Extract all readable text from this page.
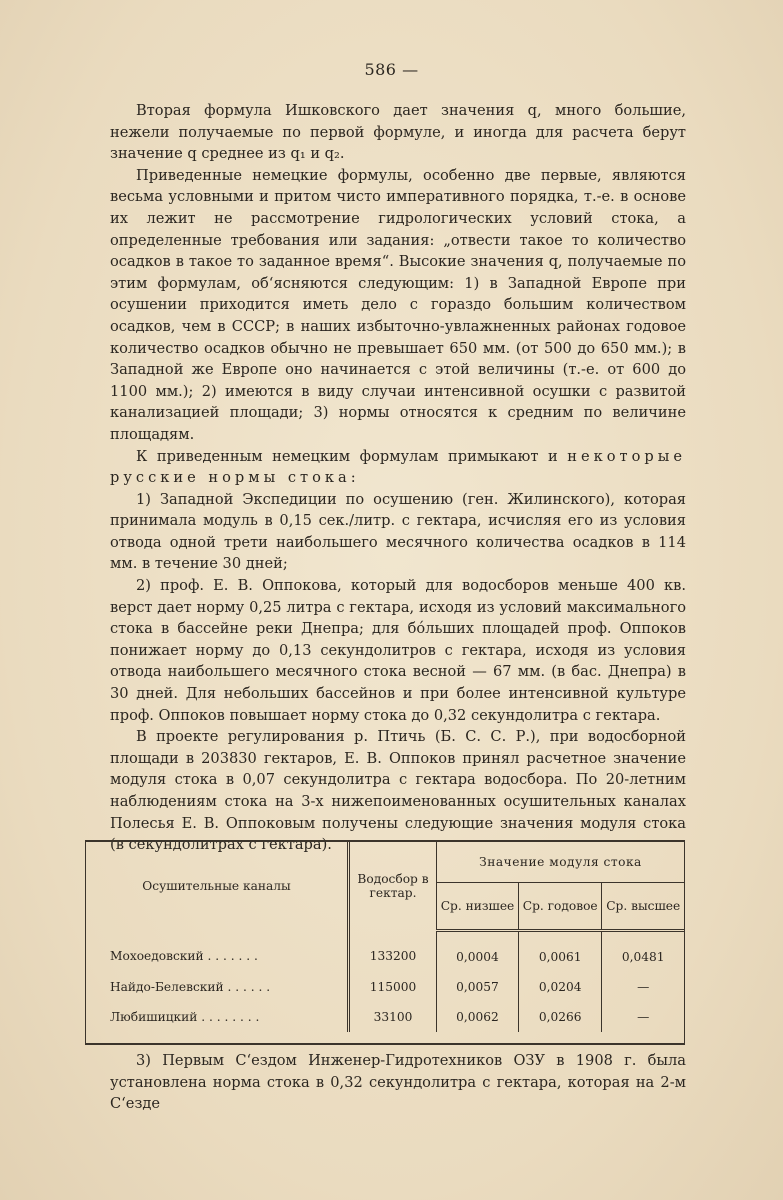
586 —

Вторая формула Ишковского дает значения q, много большие, нежели получаемые по первой формуле, и иногда для расчета берут значение q среднее из q₁ и q₂.

Приведенные немецкие формулы, особенно две первые, являются весьма условными и притом чисто императивного порядка, т.-е. в основе их лежит не рассмотрение гидрологических условий стока, а определенные требования или задания: „отвести такое то количество осадков в такое то заданное время“. Высокие значения q, получаемые по этим формулам, об‘ясняются следующим: 1) в Западной Европе при осушении приходится иметь дело с гораздо большим количеством осадков, чем в СССР; в наших избыточно-увлажненных районах годовое количество осадков обычно не превышает 650 мм. (от 500 до 650 мм.); в Западной же Европе оно начинается с этой величины (т.-е. от 600 до 1100 мм.); 2) имеются в виду случаи интенсивной осушки с развитой канализацией площади; 3) нормы относятся к средним по величине площадям.

К приведенным немецким формулам примыкают и некоторые русские нормы стока:

1) Западной Экспедиции по осушению (ген. Жилинского), которая принимала модуль в 0,15 сек./литр. с гектара, исчисляя его из условия отвода одной трети наибольшего месячного количества осадков в 114 мм. в течение 30 дней;

2) проф. Е. В. Оппокова, который для водосборов меньше 400 кв. верст дает норму 0,25 литра с гектара, исходя из условий максимального стока в бассейне реки Днепра; для бóльших площадей проф. Оппоков понижает норму до 0,13 секундолитров с гектара, исходя из условия отвода наибольшего месячного стока весной — 67 мм. (в бас. Днепра) в 30 дней. Для небольших бассейнов и при более интенсивной культуре проф. Оппоков повышает норму стока до 0,32 секундолитра с гектара.

В проекте регулирования р. Птичь (Б. С. С. Р.), при водосборной площади в 203830 гектаров, Е. В. Оппоков принял расчетное значение модуля стока в 0,07 секундолитра с гектара водосбора. По 20-летним наблюдениям стока на 3-х нижепоименованных осушительных каналах Полесья Е. В. Оппоковым получены следующие значения модуля стока (в секундолитрах с гектара).

Осушительные каналы	Водосбор в гектар.	Значение модуля стока		
		Ср. низшее	Ср. годовое	Ср. высшее
Мохоедовский . . . . . . .	133200	0,0004	0,0061	0,0481
Найдо-Белевский . . . . . .	115000	0,0057	0,0204	—
Любишицкий . . . . . . . .	33100	0,0062	0,0266	—

3) Первым С‘ездом Инженер-Гидротехников ОЗУ в 1908 г. была установлена норма стока в 0,32 секундолитра с гектара, которая на 2-м С‘езде
